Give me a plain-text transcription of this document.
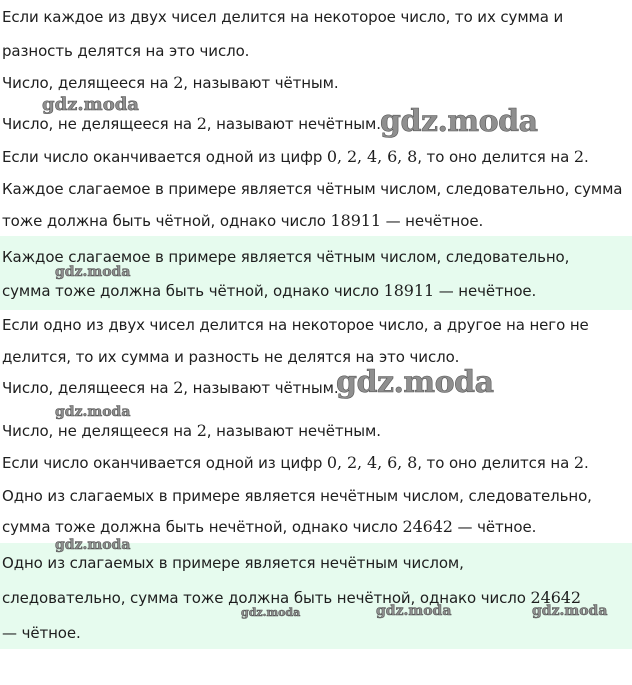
Если каждое из двух чисел делится на некоторое число, то их сумма и
разность делятся на это число.
Число, делящееся на 2, называют чётным.
Число, не делящееся на 2, называют нечётным.
Если число оканчивается одной из цифр 0, 2, 4, 6, 8, то оно делится на 2.
Каждое слагаемое в примере является чётным числом, следовательно, сумма
тоже должна быть чётной, однако число 18911 — нечётное.
Каждое слагаемое в примере является чётным числом, следовательно,
сумма тоже должна быть чётной, однако число 18911 — нечётное.
Если одно из двух чисел делится на некоторое число, а другое на него не
делится, то их сумма и разность не делятся на это число.
Число, делящееся на 2, называют чётным.
Число, не делящееся на 2, называют нечётным.
Если число оканчивается одной из цифр 0, 2, 4, 6, 8, то оно делится на 2.
Одно из слагаемых в примере является нечётным числом, следовательно,
сумма тоже должна быть нечётной, однако число 24642 — чётное.
Одно из слагаемых в примере является нечётным числом,
следовательно, сумма тоже должна быть нечётной, однако число 24642
— чётное.
gdz.moda	gdz.moda
gdz.moda
gdz.moda
gdz.moda
gdz.moda
gdz.moda	gdz.moda	gdz.moda
